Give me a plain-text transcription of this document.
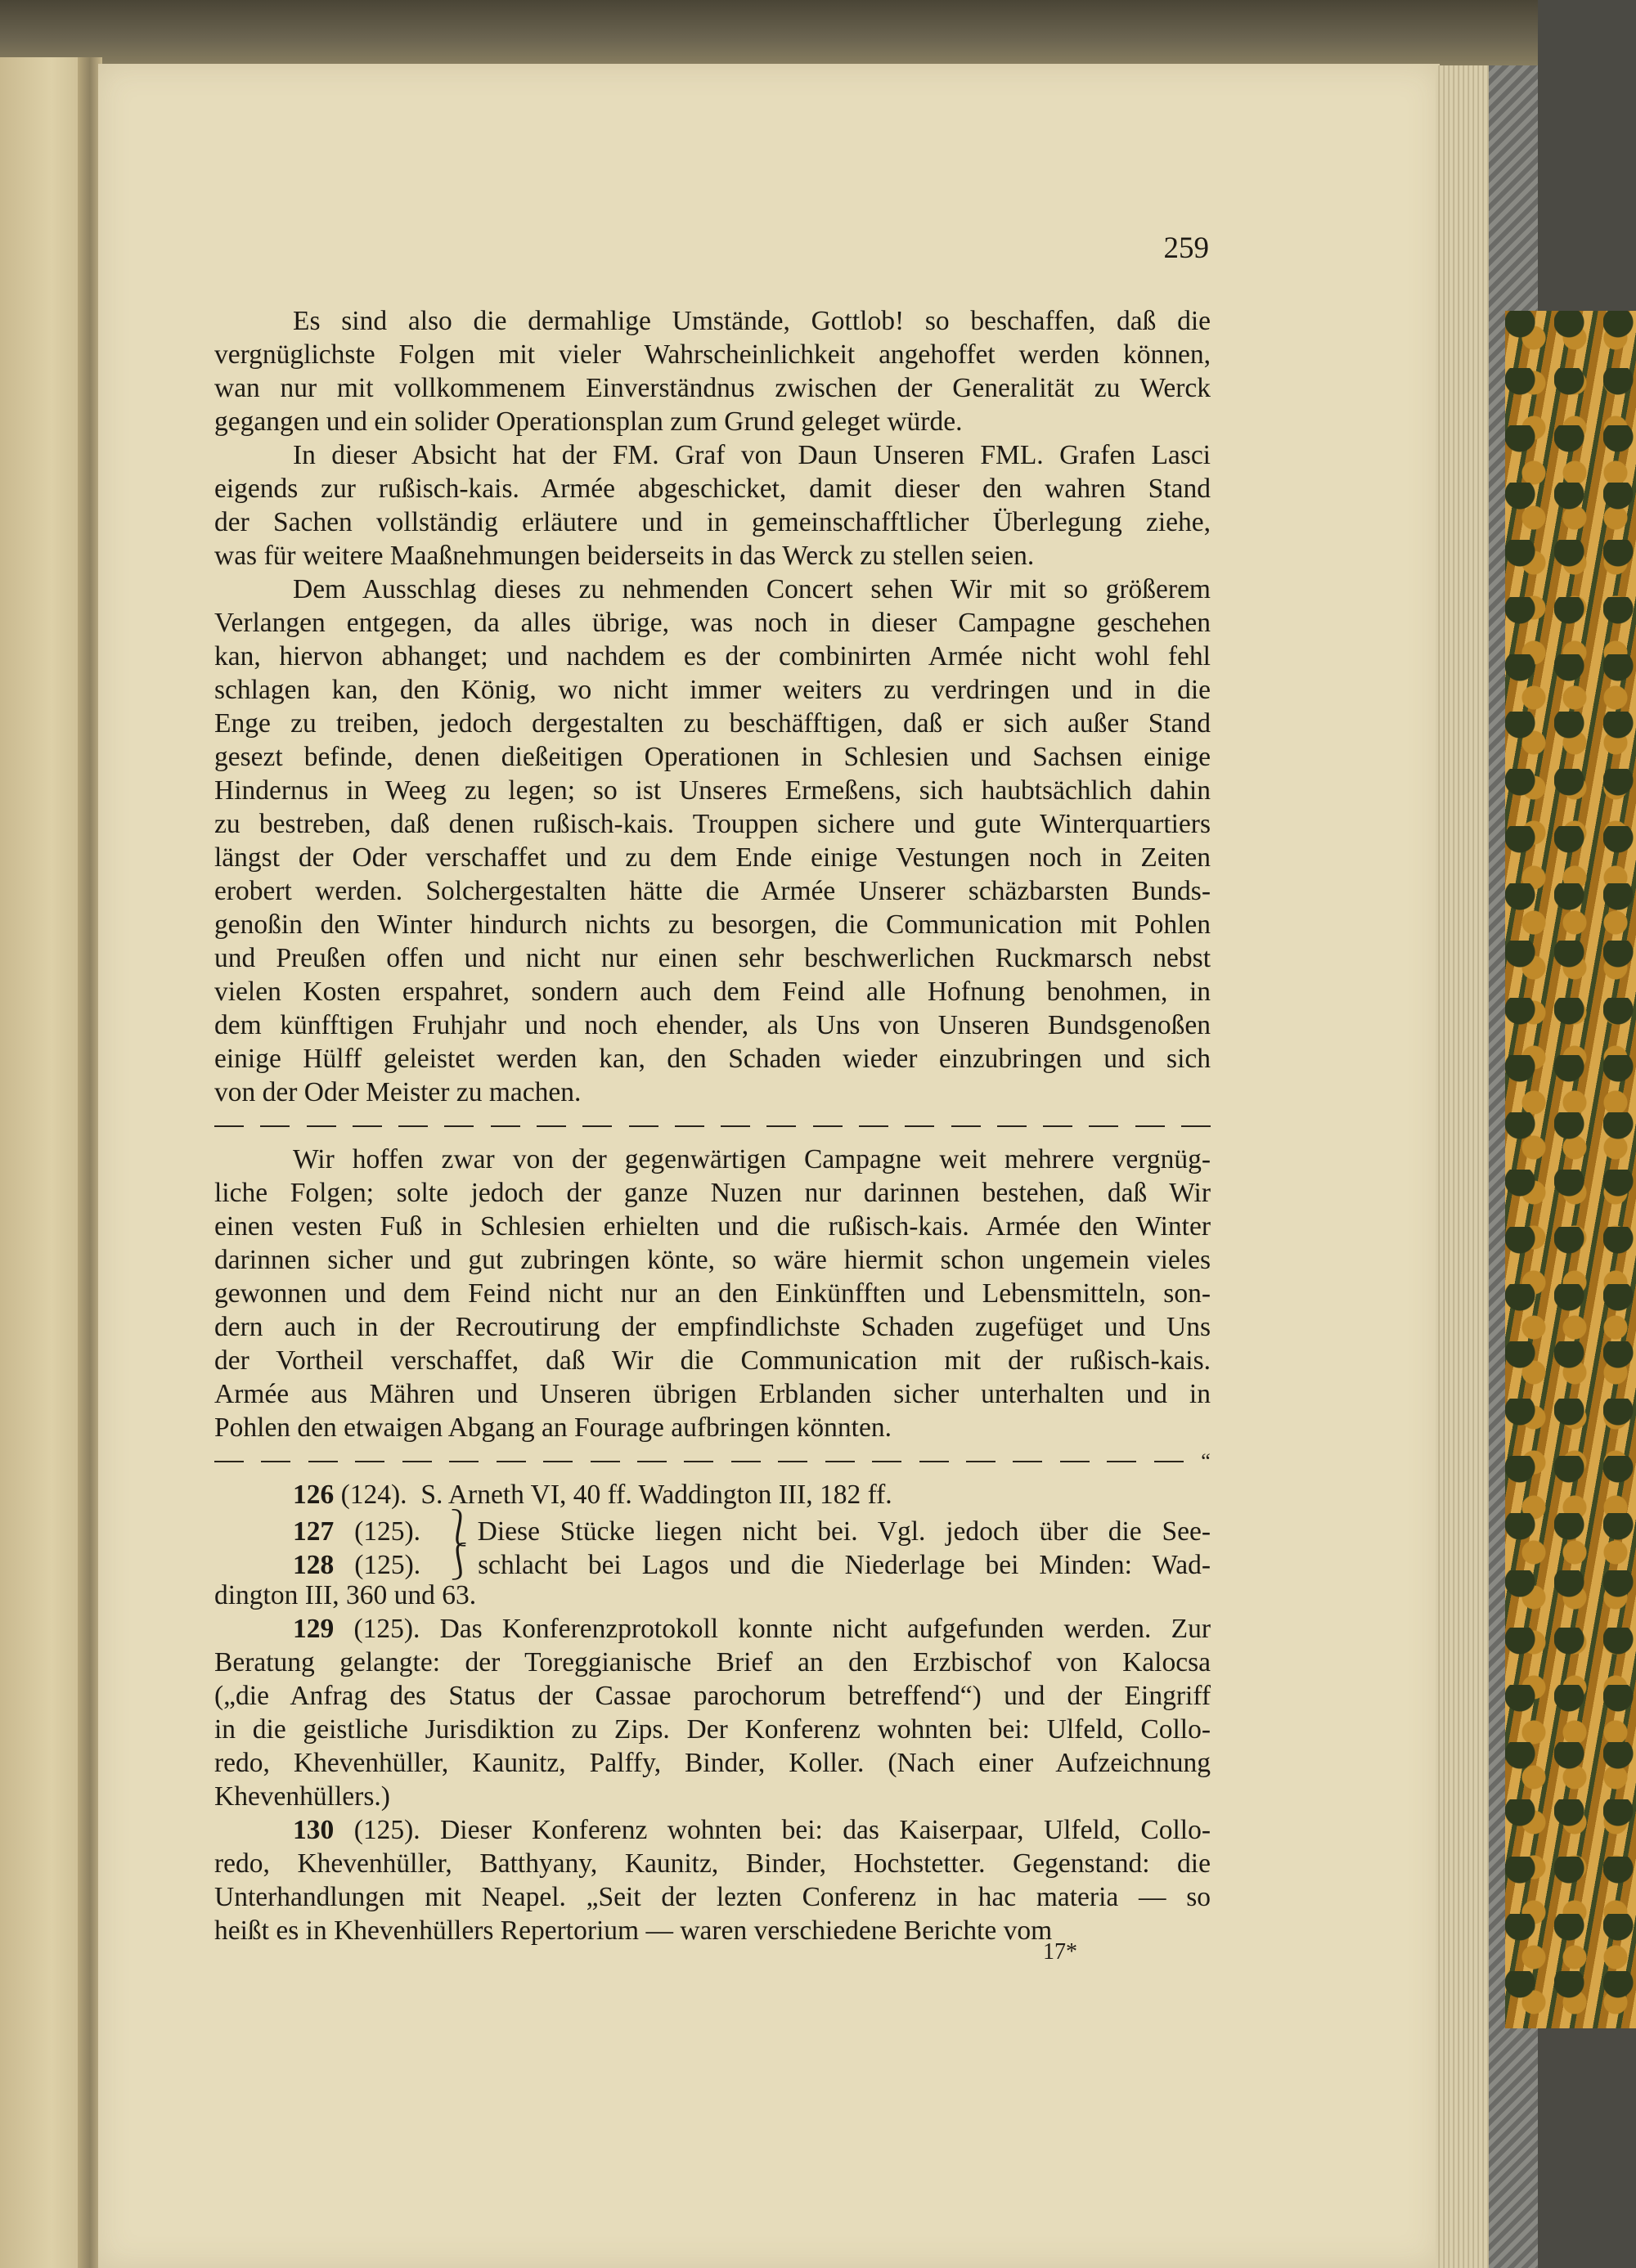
259
Es sind also die dermahlige Umstände, Gottlob! so beschaffen, daß die
vergnüglichste Folgen mit vieler Wahrscheinlichkeit angehoffet werden können,
wan nur mit vollkommenem Einverständnus zwischen der Generalität zu Werck
gegangen und ein solider Operationsplan zum Grund geleget würde.
In dieser Absicht hat der FM. Graf von Daun Unseren FML. Grafen Lasci
eigends zur rußisch-kais. Armée abgeschicket, damit dieser den wahren Stand
der Sachen vollständig erläutere und in gemeinschafftlicher Überlegung ziehe,
was für weitere Maaßnehmungen beiderseits in das Werck zu stellen seien.
Dem Ausschlag dieses zu nehmenden Concert sehen Wir mit so größerem
Verlangen entgegen, da alles übrige, was noch in dieser Campagne geschehen
kan, hiervon abhanget; und nachdem es der combinirten Armée nicht wohl fehl
schlagen kan, den König, wo nicht immer weiters zu verdringen und in die
Enge zu treiben, jedoch dergestalten zu beschäfftigen, daß er sich außer Stand
gesezt befinde, denen dießeitigen Operationen in Schlesien und Sachsen einige
Hindernus in Weeg zu legen; so ist Unseres Ermeßens, sich haubtsächlich dahin
zu bestreben, daß denen rußisch-kais. Trouppen sichere und gute Winterquartiers
längst der Oder verschaffet und zu dem Ende einige Vestungen noch in Zeiten
erobert werden. Solchergestalten hätte die Armée Unserer schäzbarsten Bunds-
genoßin den Winter hindurch nichts zu besorgen, die Communication mit Pohlen
und Preußen offen und nicht nur einen sehr beschwerlichen Ruckmarsch nebst
vielen Kosten erspahret, sondern auch dem Feind alle Hofnung benohmen, in
dem künfftigen Fruhjahr und noch ehender, als Uns von Unseren Bundsgenoßen
einige Hülff geleistet werden kan, den Schaden wieder einzubringen und sich
von der Oder Meister zu machen.
Wir hoffen zwar von der gegenwärtigen Campagne weit mehrere vergnüg-
liche Folgen; solte jedoch der ganze Nuzen nur darinnen bestehen, daß Wir
einen vesten Fuß in Schlesien erhielten und die rußisch-kais. Armée den Winter
darinnen sicher und gut zubringen könte, so wäre hiermit schon ungemein vieles
gewonnen und dem Feind nicht nur an den Einkünfften und Lebensmitteln, son-
dern auch in der Recroutirung der empfindlichste Schaden zugefüget und Uns
der Vortheil verschaffet, daß Wir die Communication mit der rußisch-kais.
Armée aus Mähren und Unseren übrigen Erblanden sicher unterhalten und in
Pohlen den etwaigen Abgang an Fourage aufbringen könnten.
“
126 (124). S. Arneth VI, 40 ff. Waddington III, 182 ff.
127 (125). ⎱ Diese Stücke liegen nicht bei. Vgl. jedoch über die See-
128 (125). ⎰ schlacht bei Lagos und die Niederlage bei Minden: Wad-
dington III, 360 und 63.
129 (125). Das Konferenzprotokoll konnte nicht aufgefunden werden. Zur
Beratung gelangte: der Toreggianische Brief an den Erzbischof von Kalocsa
(„die Anfrag des Status der Cassae parochorum betreffend“) und der Eingriff
in die geistliche Jurisdiktion zu Zips. Der Konferenz wohnten bei: Ulfeld, Collo-
redo, Khevenhüller, Kaunitz, Palffy, Binder, Koller. (Nach einer Aufzeichnung
Khevenhüllers.)
130 (125). Dieser Konferenz wohnten bei: das Kaiserpaar, Ulfeld, Collo-
redo, Khevenhüller, Batthyany, Kaunitz, Binder, Hochstetter. Gegenstand: die
Unterhandlungen mit Neapel. „Seit der lezten Conferenz in hac materia — so
heißt es in Khevenhüllers Repertorium — waren verschiedene Berichte vom
17*
